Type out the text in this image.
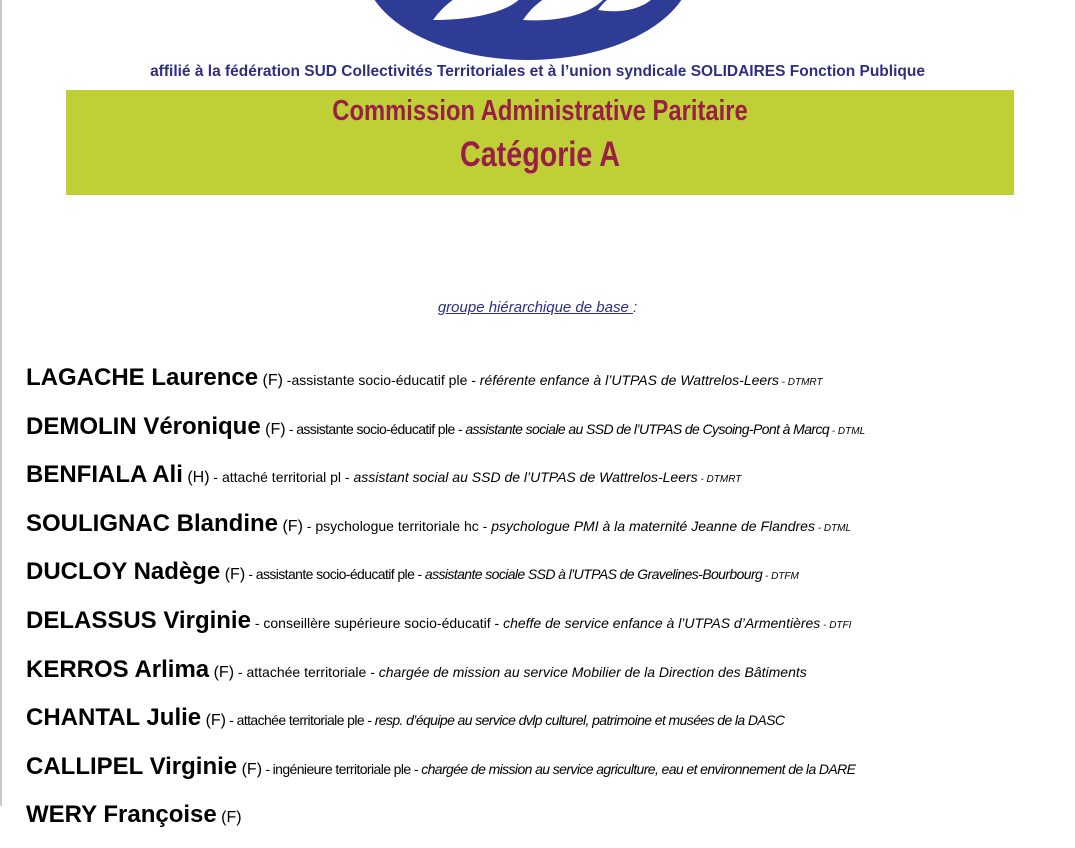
affilié à la fédération SUD Collectivités Territoriales et à l’union syndicale SOLIDAIRES Fonction Publique
Commission Administrative Paritaire
Catégorie A
groupe hiérarchique de base :
LAGACHE Laurence (F) -assistante socio-éducatif ple - référente enfance à l’UTPAS de Wattrelos-Leers - DTMRT
DEMOLIN Véronique (F) - assistante socio-éducatif ple - assistante sociale au SSD de l’UTPAS de Cysoing-Pont à Marcq - DTML
BENFIALA Ali (H) - attaché territorial pl - assistant social au SSD de l’UTPAS de Wattrelos-Leers - DTMRT
SOULIGNAC Blandine (F) - psychologue territoriale hc - psychologue PMI à la maternité Jeanne de Flandres - DTML
DUCLOY Nadège (F) - assistante socio-éducatif ple - assistante sociale SSD à l’UTPAS de Gravelines-Bourbourg - DTFM
DELASSUS Virginie - conseillère supérieure socio-éducatif - cheffe de service enfance à l’UTPAS d’Armentières - DTFI
KERROS Arlima (F) - attachée territoriale - chargée de mission au service Mobilier de la Direction des Bâtiments
CHANTAL Julie (F) - attachée territoriale ple - resp. d’équipe au service dvlp culturel, patrimoine et musées de la DASC
CALLIPEL Virginie (F) - ingénieure territoriale ple - chargée de mission au service agriculture, eau et environnement de la DARE
WERY Françoise (F)
